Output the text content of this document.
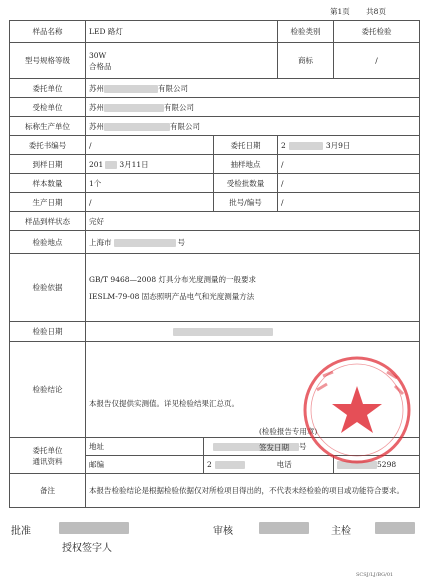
第1页 共8页
样品名称	LED 路灯			检验类别	委托检验
型号规格等级	30W
合格品			商标	/
委托单位	苏州 有限公司				
受检单位	苏州 有限公司				
标称生产单位	苏州 有限公司				
委托书编号	/		委托日期	2 3月9日	
到样日期	201 3月11日		抽样地点	/	
样本数量	1个		受检批数量	/	
生产日期	/		批号/编号	/	
样品到样状态	完好				
检验地点	上海市 号				
检验依据	GB/T 9468—2008 灯具分布光度测量的一般要求
IESLM-79-08 固态照明产品电气和光度测量方法				

检验日期					
检验结论	本报告仅提供实测值。详见检验结果汇总页。
(检验报告专用章)
签发日期				

委托单位
通讯资料	地址	号			
	邮编	2 电话			5298
备注	本报告检验结论是根据检验依据仅对所检项目得出的，不代表未经检验的项目或功能符合要求。				
批准	审核	主检
授权签字人
SCSJ/LJ/BG/01
